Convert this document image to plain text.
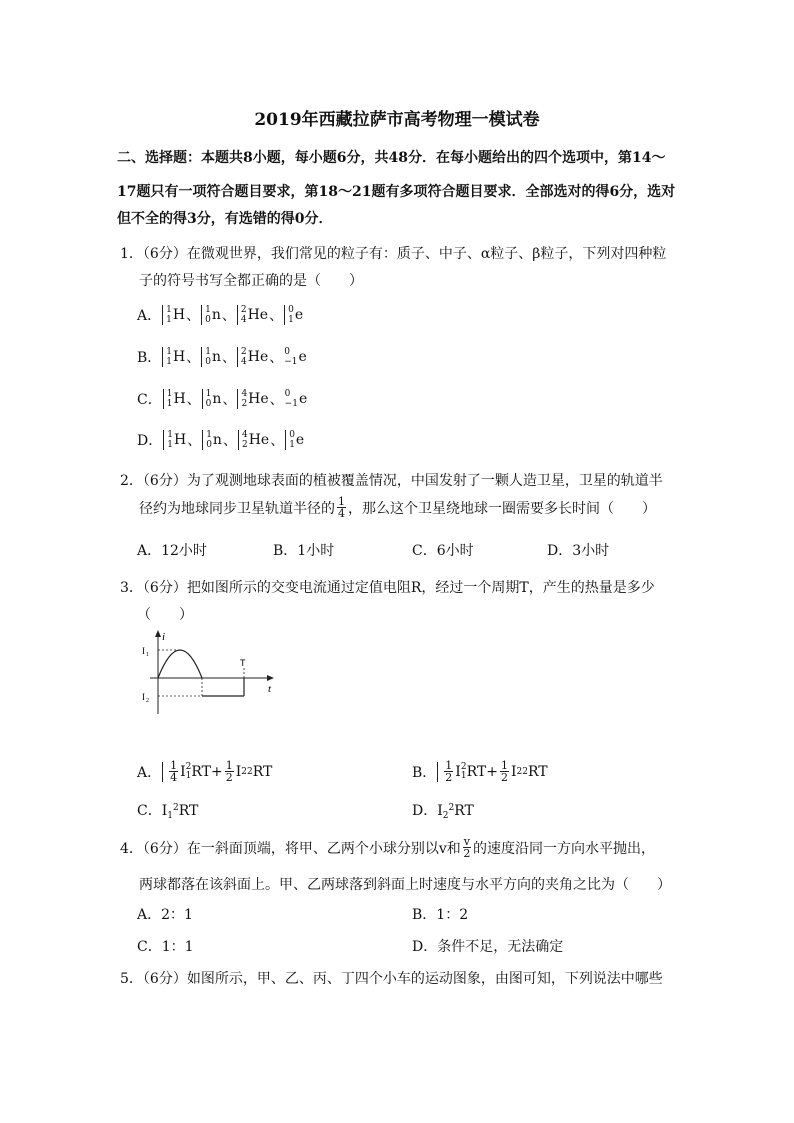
2019年西藏拉萨市高考物理一模试卷
二、选择题：本题共8小题，每小题6分，共48分．在每小题给出的四个选项中，第14～
17题只有一项符合题目要求，第18～21题有多项符合题目要求．全部选对的得6分，选对
但不全的得3分，有选错的得0分．
1．（6分）在微观世界，我们常见的粒子有：质子、中子、α粒子、β粒子，下列对四种粒
子的符号书写全都正确的是（　　）
A． 1
1 H 、 1
0 n 、 2
4 He 、 0
1 e
B． 1
1 H 、 1
0 n 、 2
4 He 、 0
−1 e
C． 1
1 H 、 1
0 n 、 4
2 He 、 0
−1 e
D． 1
1 H 、 1
0 n 、 4
2 He 、 0
1 e
2．（6分）为了观测地球表面的植被覆盖情况，中国发射了一颗人造卫星，卫星的轨道半
径约为地球同步卫星轨道半径的 $\frac{1}{4}$ ，那么这个卫星绕地球一圈需要多长时间（　　）
A．12小时	B．1小时	C．6小时	D．3小时
3．（6分）把如图所示的交变电流通过定值电阻R，经过一个周期T，产生的热量是多少
（　　）
i
t
I 1
I 2
T
A． $\frac{1}{4}$ I 2
1 $RT+ \frac{1}{2}$ I 2 2 RT	B． $\frac{1}{2}$ I 2
1 $RT+ \frac{1}{2}$ I 2 2 RT
C．$I_1^2RT$	D．$I_2^2RT$
4．（6分）在一斜面顶端，将甲、乙两个小球分别以v和 $\frac{v}{2}$ 的速度沿同一方向水平抛出，
两球都落在该斜面上。甲、乙两球落到斜面上时速度与水平方向的夹角之比为（　　）
A．2：1	B．1：2
C．1：1	D．条件不足，无法确定
5．（6分）如图所示，甲、乙、丙、丁四个小车的运动图象，由图可知，下列说法中哪些
